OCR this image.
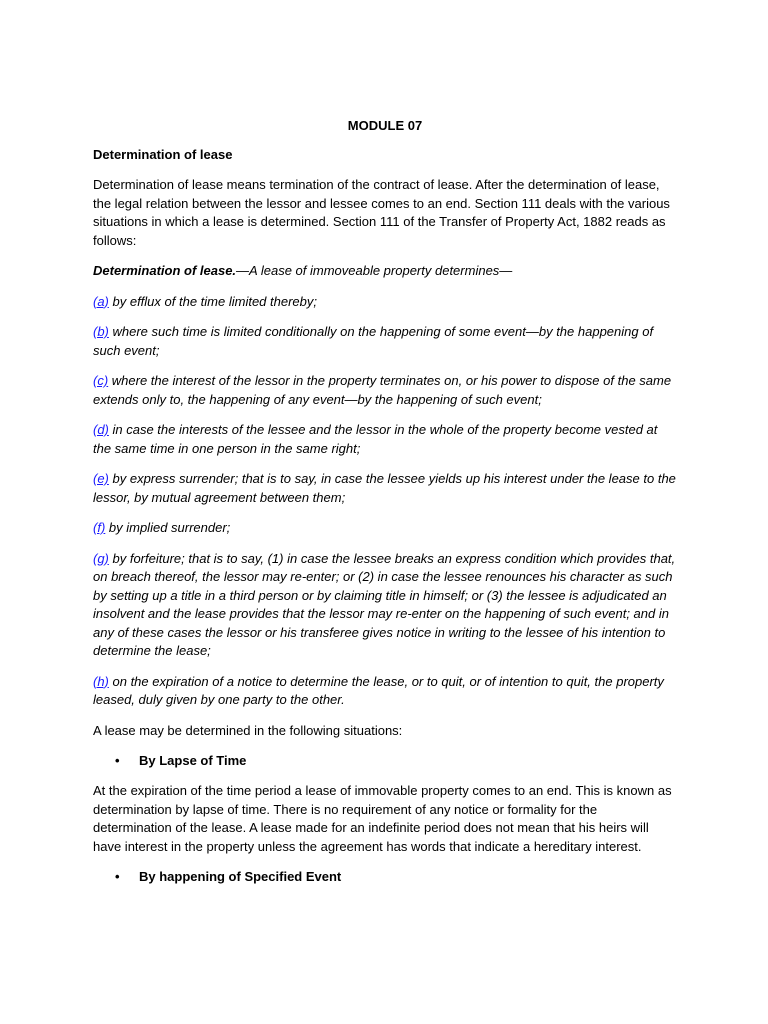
MODULE 07
Determination of lease

Determination of lease means termination of the contract of lease. After the determination of lease, the legal relation between the lessor and lessee comes to an end. Section 111 deals with the various situations in which a lease is determined. Section 111 of the Transfer of Property Act, 1882 reads as follows:

Determination of lease.—A lease of immoveable property determines—

(a) by efflux of the time limited thereby;

(b) where such time is limited conditionally on the happening of some event—by the happening of such event;

(c) where the interest of the lessor in the property terminates on, or his power to dispose of the same extends only to, the happening of any event—by the happening of such event;

(d) in case the interests of the lessee and the lessor in the whole of the property become vested at the same time in one person in the same right;

(e) by express surrender; that is to say, in case the lessee yields up his interest under the lease to the lessor, by mutual agreement between them;

(f) by implied surrender;

(g) by forfeiture; that is to say, (1) in case the lessee breaks an express condition which provides that, on breach thereof, the lessor may re-enter; or (2) in case the lessee renounces his character as such by setting up a title in a third person or by claiming title in himself; or (3) the lessee is adjudicated an insolvent and the lease provides that the lessor may re-enter on the happening of such event; and in any of these cases the lessor or his transferee gives notice in writing to the lessee of his intention to determine the lease;

(h) on the expiration of a notice to determine the lease, or to quit, or of intention to quit, the property leased, duly given by one party to the other.

A lease may be determined in the following situations:

• By Lapse of Time

At the expiration of the time period a lease of immovable property comes to an end. This is known as determination by lapse of time. There is no requirement of any notice or formality for the determination of the lease. A lease made for an indefinite period does not mean that his heirs will have interest in the property unless the agreement has words that indicate a hereditary interest.

• By happening of Specified Event
